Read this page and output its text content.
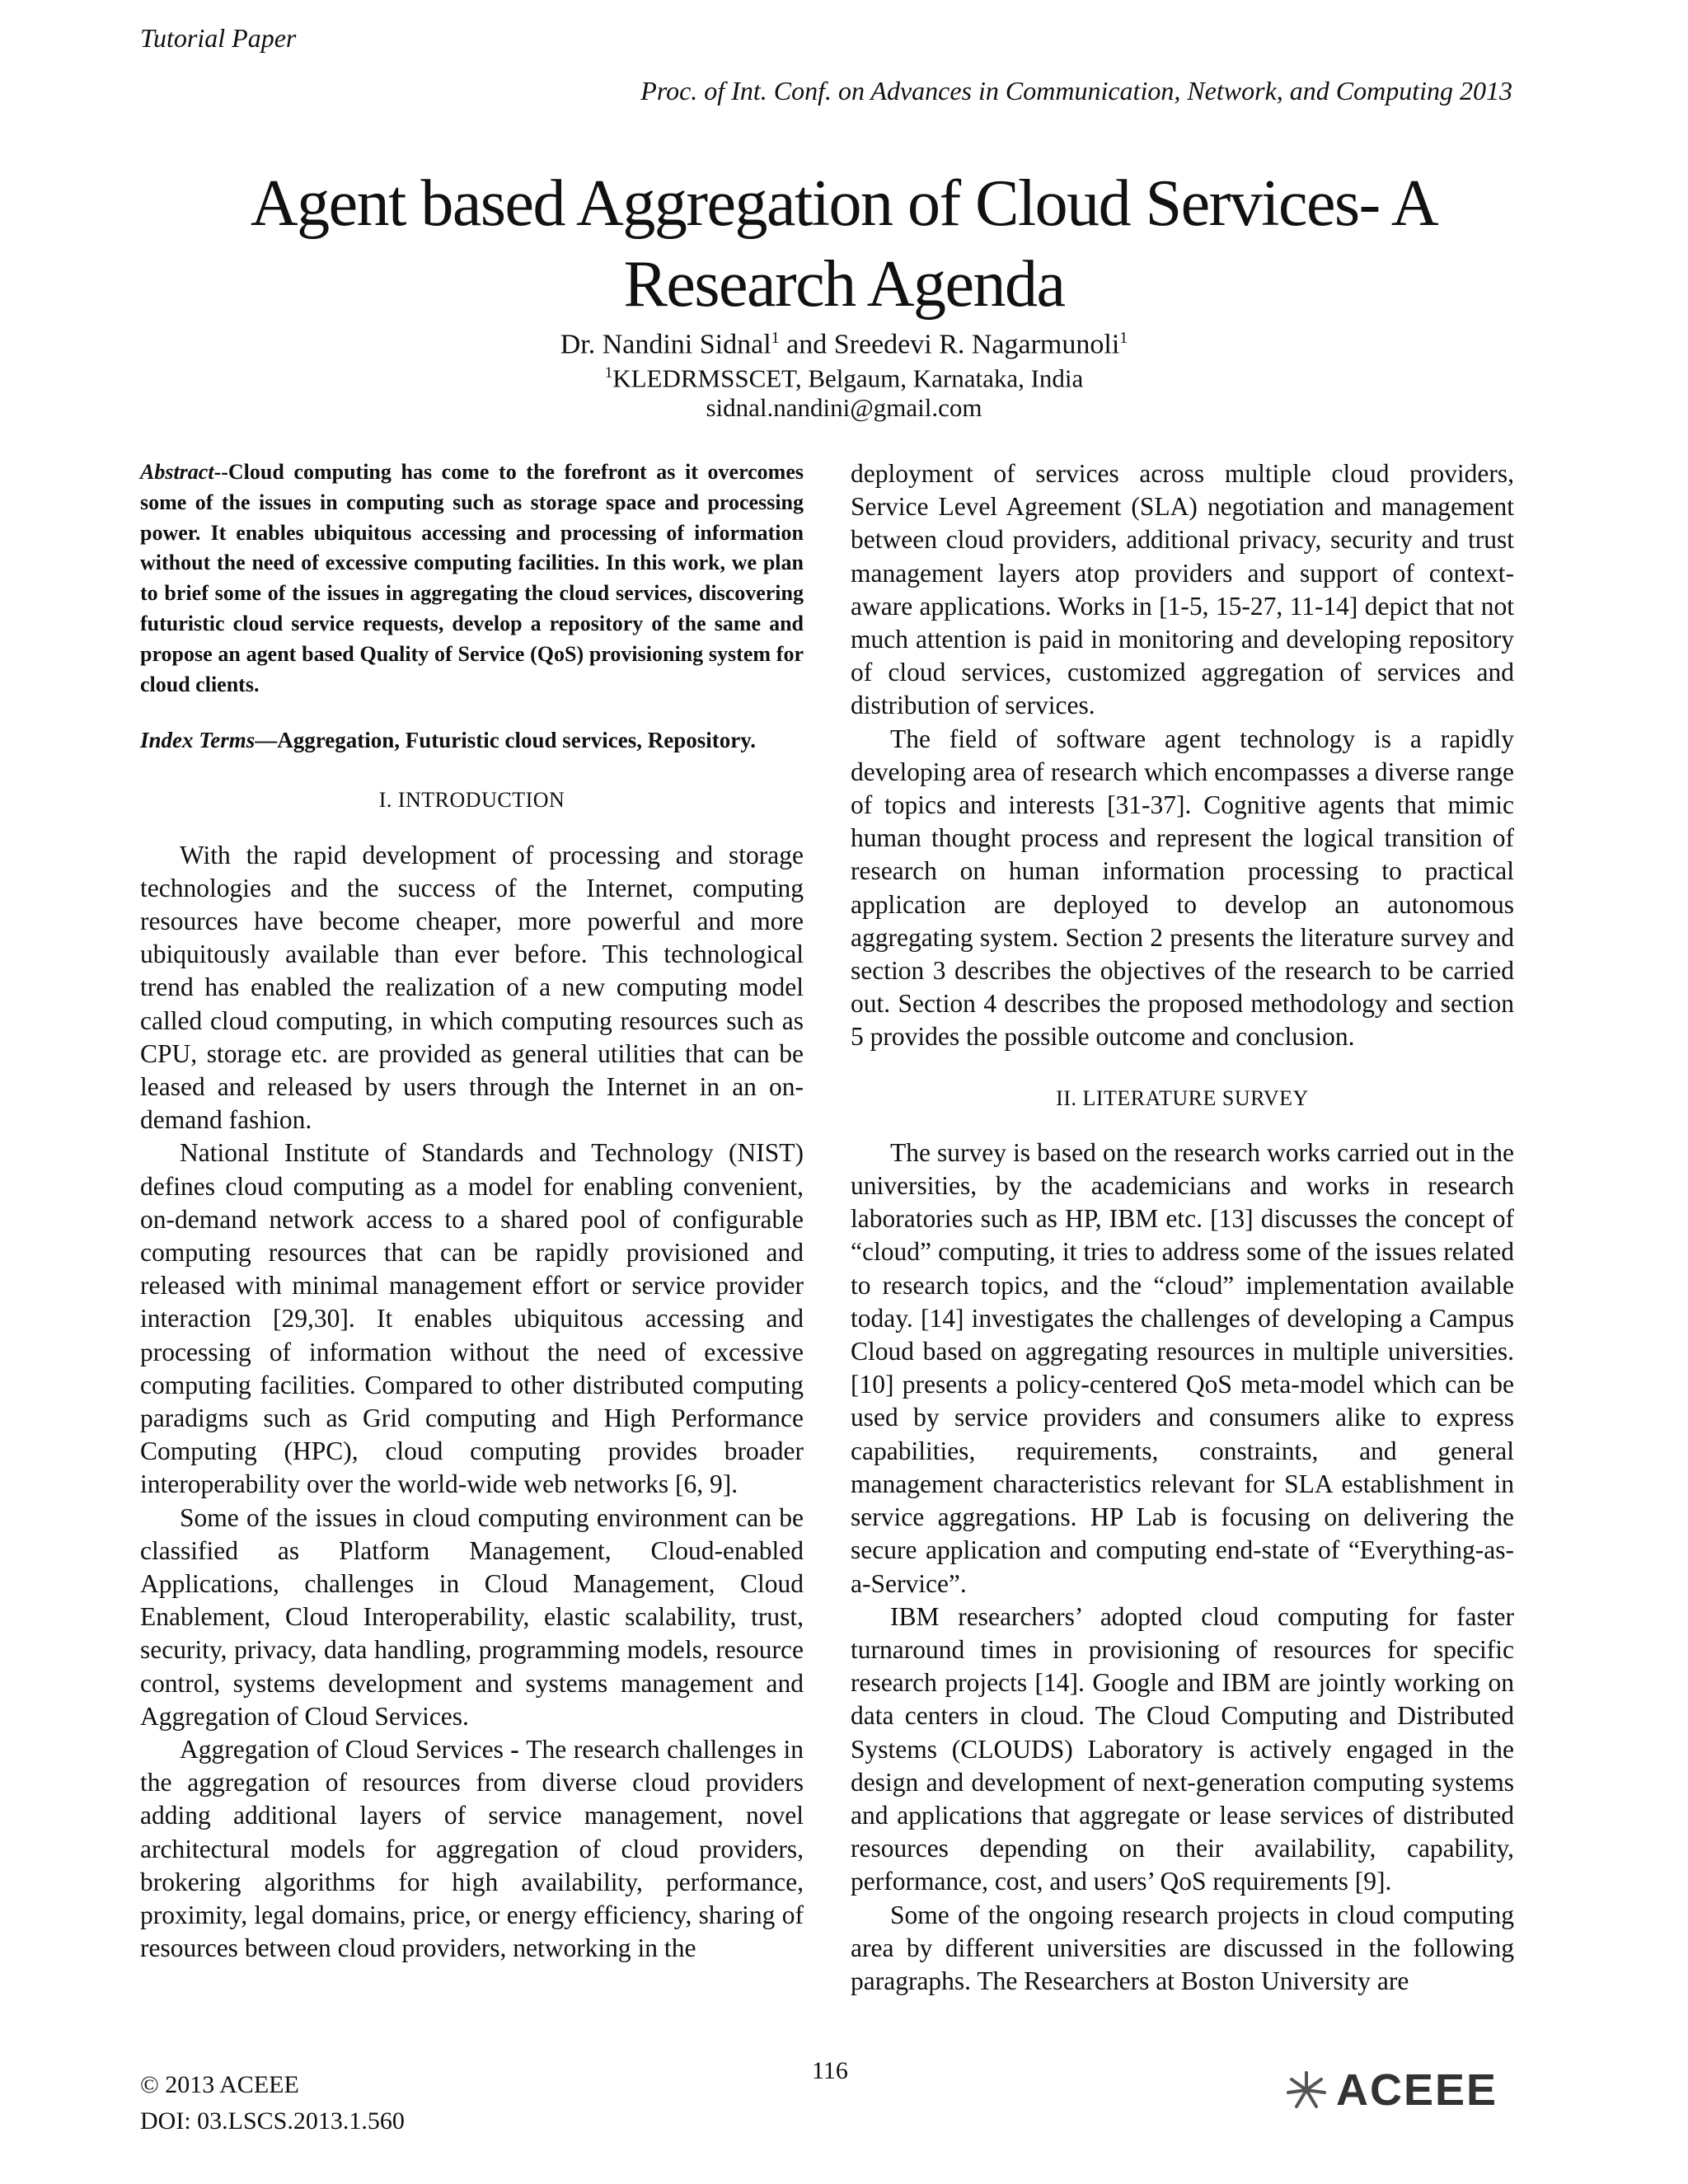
Tutorial Paper
Proc. of Int. Conf. on Advances in Communication, Network, and Computing 2013
Agent based Aggregation of Cloud Services- A
Research Agenda
Dr. Nandini Sidnal$^1$ and Sreedevi R. Nagarmunoli$^1$
$^1$KLEDRMSSCET, Belgaum, Karnataka, India
sidnal.nandini@gmail.com

Abstract--Cloud computing has come to the forefront as it overcomes some of the issues in computing such as storage space and processing power. It enables ubiquitous accessing and processing of information without the need of excessive computing facilities. In this work, we plan to brief some of the issues in aggregating the cloud services, discovering futuristic cloud service requests, develop a repository of the same and propose an agent based Quality of Service (QoS) provisioning system for cloud clients.

Index Terms—Aggregation, Futuristic cloud services, Repository.

I. INTRODUCTION

With the rapid development of processing and storage technologies and the success of the Internet, computing resources have become cheaper, more powerful and more ubiquitously available than ever before. This technological trend has enabled the realization of a new computing model called cloud computing, in which computing resources such as CPU, storage etc. are provided as general utilities that can be leased and released by users through the Internet in an on-demand fashion.

National Institute of Standards and Technology (NIST) defines cloud computing as a model for enabling convenient, on-demand network access to a shared pool of configurable computing resources that can be rapidly provisioned and released with minimal management effort or service provider interaction [29,30]. It enables ubiquitous accessing and processing of information without the need of excessive computing facilities. Compared to other distributed computing paradigms such as Grid computing and High Performance Computing (HPC), cloud computing provides broader interoperability over the world-wide web networks [6, 9].

Some of the issues in cloud computing environment can be classified as Platform Management, Cloud-enabled Applications, challenges in Cloud Management, Cloud Enablement, Cloud Interoperability, elastic scalability, trust, security, privacy, data handling, programming models, resource control, systems development and systems management and Aggregation of Cloud Services.

Aggregation of Cloud Services - The research challenges in the aggregation of resources from diverse cloud providers adding additional layers of service management, novel architectural models for aggregation of cloud providers, brokering algorithms for high availability, performance, proximity, legal domains, price, or energy efficiency, sharing of resources between cloud providers, networking in the

deployment of services across multiple cloud providers, Service Level Agreement (SLA) negotiation and management between cloud providers, additional privacy, security and trust management layers atop providers and support of context-aware applications. Works in [1-5, 15-27, 11-14] depict that not much attention is paid in monitoring and developing repository of cloud services, customized aggregation of services and distribution of services.

The field of software agent technology is a rapidly developing area of research which encompasses a diverse range of topics and interests [31-37]. Cognitive agents that mimic human thought process and represent the logical transition of research on human information processing to practical application are deployed to develop an autonomous aggregating system. Section 2 presents the literature survey and section 3 describes the objectives of the research to be carried out. Section 4 describes the proposed methodology and section 5 provides the possible outcome and conclusion.

II. LITERATURE SURVEY

The survey is based on the research works carried out in the universities, by the academicians and works in research laboratories such as HP, IBM etc. [13] discusses the concept of “cloud” computing, it tries to address some of the issues related to research topics, and the “cloud” implementation available today. [14] investigates the challenges of developing a Campus Cloud based on aggregating resources in multiple universities. [10] presents a policy-centered QoS meta-model which can be used by service providers and consumers alike to express capabilities, requirements, constraints, and general management characteristics relevant for SLA establishment in service aggregations. HP Lab is focusing on delivering the secure application and computing end-state of “Everything-as-a-Service”.

IBM researchers’ adopted cloud computing for faster turnaround times in provisioning of resources for specific research projects [14]. Google and IBM are jointly working on data centers in cloud. The Cloud Computing and Distributed Systems (CLOUDS) Laboratory is actively engaged in the design and development of next-generation computing systems and applications that aggregate or lease services of distributed resources depending on their availability, capability, performance, cost, and users’ QoS requirements [9].

Some of the ongoing research projects in cloud computing area by different universities are discussed in the following paragraphs. The Researchers at Boston University are

© 2013 ACEEE
DOI: 03.LSCS.2013.1.560
116	ACEEE
